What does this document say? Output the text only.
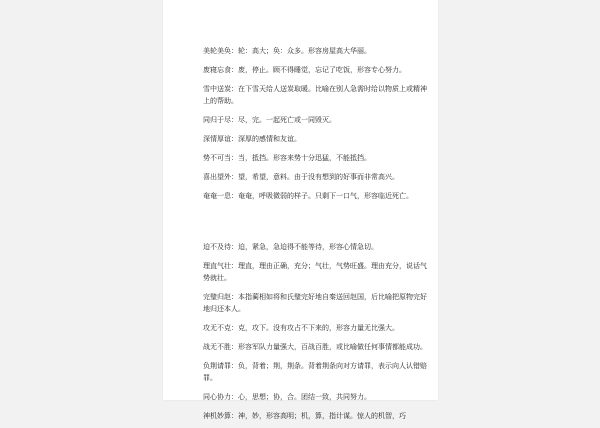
美轮美奂：轮：高大；奂：众多。形容房屋高大华丽。

废寝忘食：废，停止。顾不得睡觉，忘记了吃饭，形容专心努力。

雪中送炭：在下雪天给人送炭取暖。比喻在别人急需时给以物质上或精神上的帮助。

同归于尽：尽，完。一起死亡或一同毁灭。

深情厚谊：深厚的感情和友谊。

势不可当：当，抵挡。形容来势十分迅猛，不能抵挡。

喜出望外：望，希望，意料。由于没有想到的好事而非常高兴。

奄奄一息：奄奄，呼吸微弱的样子。只剩下一口气，形容临近死亡。

迫不及待：迫，紧急，急迫得不能等待，形容心情急切。

理直气壮：理直，理由正确，充分；气壮，气势旺盛。理由充分，说话气势就壮。

完璧归赵：本指蔺相如将和氏璧完好地自秦送回赵国，后比喻把原物完好地归还本人。

攻无不克：克，攻下。没有攻占不下来的，形容力量无比强大。

战无不胜：形容军队力量强大，百战百胜，或比喻做任何事情都能成功。

负荆请罪：负，背着；荆，荆条。背着荆条向对方请罪，表示向人认错赔罪。

同心协力：心，思想；协，合。团结一致，共同努力。

神机妙算：神，妙，形容高明；机，算，指计谋。惊人的机智，巧
